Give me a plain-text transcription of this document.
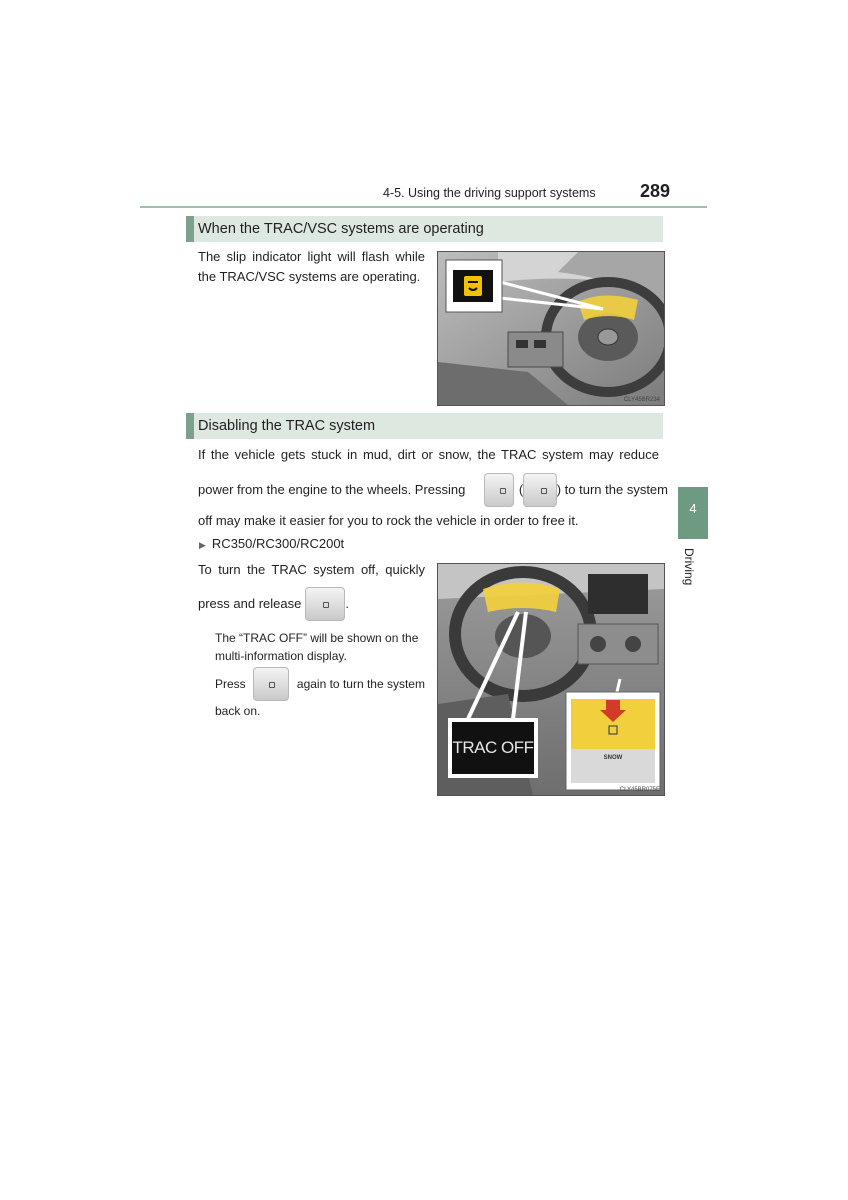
4-5. Using the driving support systems 289
4
Driving
When the TRAC/VSC systems are operating
The slip indicator light will flash while
the TRAC/VSC systems are operating.
CLY45BR234
Disabling the TRAC system
If the vehicle gets stuck in mud, dirt or snow, the TRAC system may reduce
power from the engine to the wheels. Pressing	(	) to turn the system
off may make it easier for you to rock the vehicle in order to free it.
▶ RC350/RC300/RC200t
To turn the TRAC system off, quickly
press and release	.
The “TRAC OFF” will be shown on the
multi-information display.
Press	again to turn the system
back on.
TRAC OFF
SNOW
CLY45BR075E
